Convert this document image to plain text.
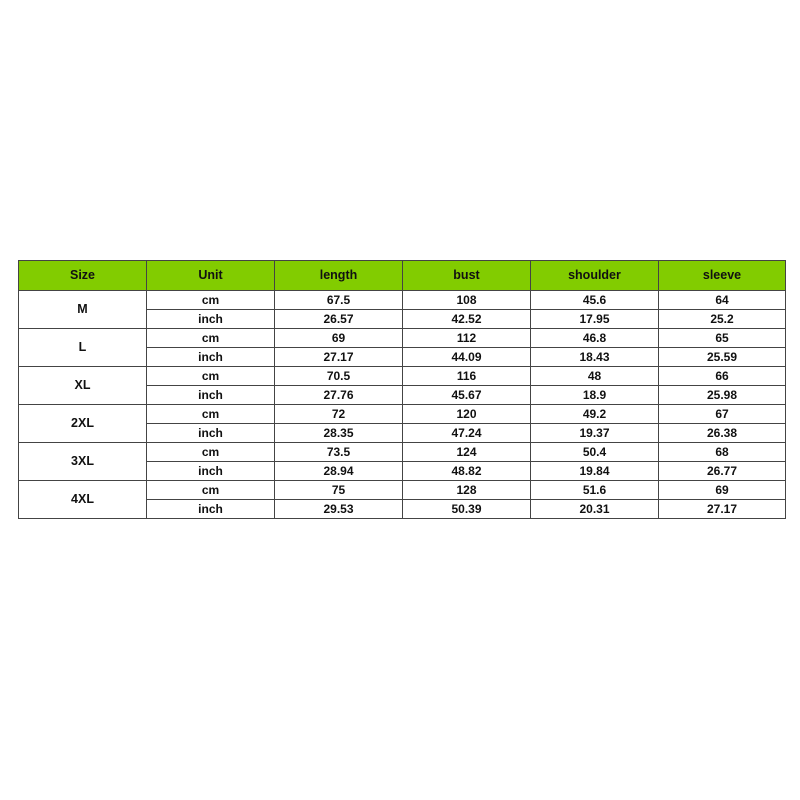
Size	Unit	length	bust	shoulder	sleeve
M	cm	67.5	108	45.6	64
	inch	26.57	42.52	17.95	25.2
L	cm	69	112	46.8	65
	inch	27.17	44.09	18.43	25.59
XL	cm	70.5	116	48	66
	inch	27.76	45.67	18.9	25.98
2XL	cm	72	120	49.2	67
	inch	28.35	47.24	19.37	26.38
3XL	cm	73.5	124	50.4	68
	inch	28.94	48.82	19.84	26.77
4XL	cm	75	128	51.6	69
	inch	29.53	50.39	20.31	27.17
